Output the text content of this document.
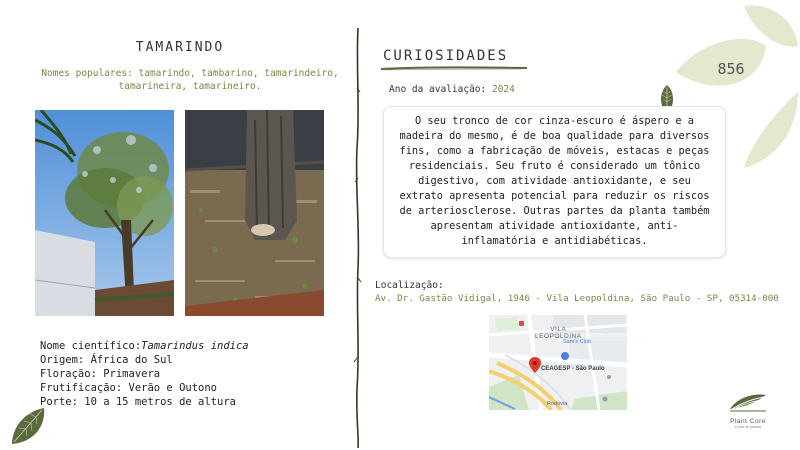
856
TAMARINDO
Nomes populares: tamarindo, tambarino, tamarindeiro, tamarineira, tamarineiro.
Nome científico:Tamarindus indica
Origem: África do Sul
Floração: Primavera
Frutificação: Verão e Outono
Porte: 10 a 15 metros de altura
CURIOSIDADES
Ano da avaliação: 2024
O seu tronco de cor cinza-escuro é áspero e a madeira do mesmo, é de boa qualidade para diversos fins, como a fabricação de móveis, estacas e peças residenciais. Seu fruto é considerado um tônico digestivo, com atividade antioxidante, e seu extrato apresenta potencial para reduzir os riscos de arteriosclerose. Outras partes da planta também apresentam atividade antioxidante, anti-inflamatória e antidiabéticas.
Localização:
Av. Dr. Gastão Vidigal, 1946 - Vila Leopoldina, São Paulo - SP, 05314-000
VILA
LEOPOLDINA
Sam's Club
CEAGESP - São Paulo
Rodovia
Plant Core
a vida de plantas
